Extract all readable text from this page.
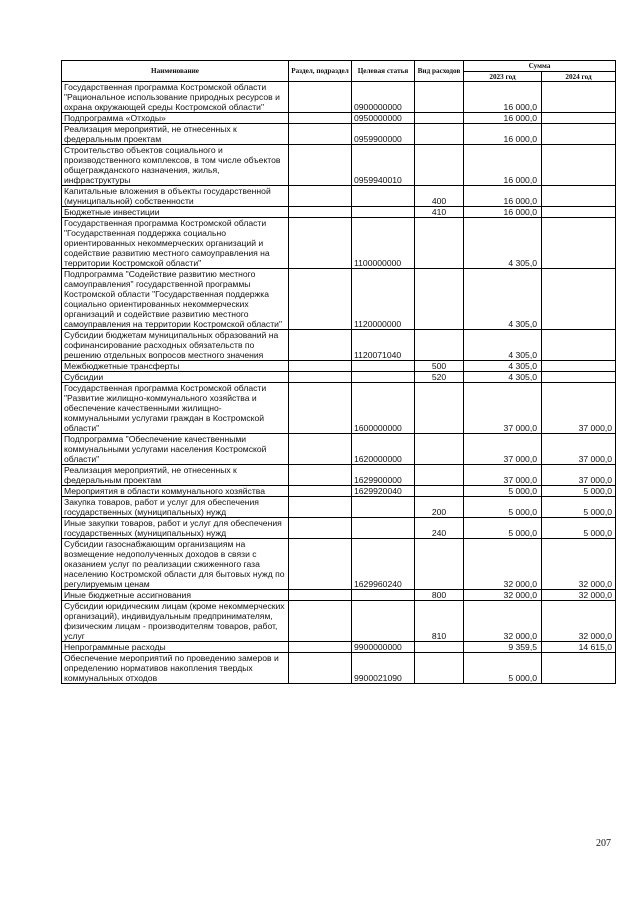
Наименование	Раздел, подраздел	Целевая статья	Вид расходов	Сумма	
				2023 год	2024 год
Государственная программа Костромской области "Рациональное использование природных ресурсов и охрана окружающей среды Костромской области"		0900000000		16 000,0	
Подпрограмма «Отходы»		0950000000		16 000,0	
Реализация мероприятий, не отнесенных к федеральным проектам		0959900000		16 000,0	
Строительство объектов социального и производственного комплексов, в том числе объектов общегражданского назначения, жилья, инфраструктуры		0959940010		16 000,0	
Капитальные вложения в объекты государственной (муниципальной) собственности			400	16 000,0	
Бюджетные инвестиции			410	16 000,0	
Государственная программа Костромской области "Государственная поддержка социально ориентированных некоммерческих организаций и содействие развитию местного самоуправления на территории Костромской области"		1100000000		4 305,0	
Подпрограмма "Содействие развитию местного самоуправления" государственной программы Костромской области "Государственная поддержка социально ориентированных некоммерческих организаций и содействие развитию местного самоуправления на территории Костромской области"		1120000000		4 305,0	
Субсидии бюджетам муниципальных образований на софинансирование расходных обязательств по решению отдельных вопросов местного значения		1120071040		4 305,0	
Межбюджетные трансферты			500	4 305,0	
Субсидии			520	4 305,0	
Государственная программа Костромской области "Развитие жилищно-коммунального хозяйства и обеспечение качественными жилищно-коммунальными услугами граждан в Костромской области"		1600000000		37 000,0	37 000,0
Подпрограмма "Обеспечение качественными коммунальными услугами населения Костромской области"		1620000000		37 000,0	37 000,0
Реализация мероприятий, не отнесенных к федеральным проектам		1629900000		37 000,0	37 000,0
Мероприятия в области коммунального хозяйства		1629920040		5 000,0	5 000,0
Закупка товаров, работ и услуг для обеспечения государственных (муниципальных) нужд			200	5 000,0	5 000,0
Иные закупки товаров, работ и услуг для обеспечения государственных (муниципальных) нужд			240	5 000,0	5 000,0
Субсидии газоснабжающим организациям на возмещение недополученных доходов в связи с оказанием услуг по реализации сжиженного газа населению Костромской области для бытовых нужд по регулируемым ценам		1629960240		32 000,0	32 000,0
Иные бюджетные ассигнования			800	32 000,0	32 000,0
Субсидии юридическим лицам (кроме некоммерческих организаций), индивидуальным предпринимателям, физическим лицам - производителям товаров, работ, услуг			810	32 000,0	32 000,0
Непрограммные расходы		9900000000		9 359,5	14 615,0
Обеспечение мероприятий по проведению замеров и определению нормативов накопления твердых коммунальных отходов		9900021090		5 000,0	
207
